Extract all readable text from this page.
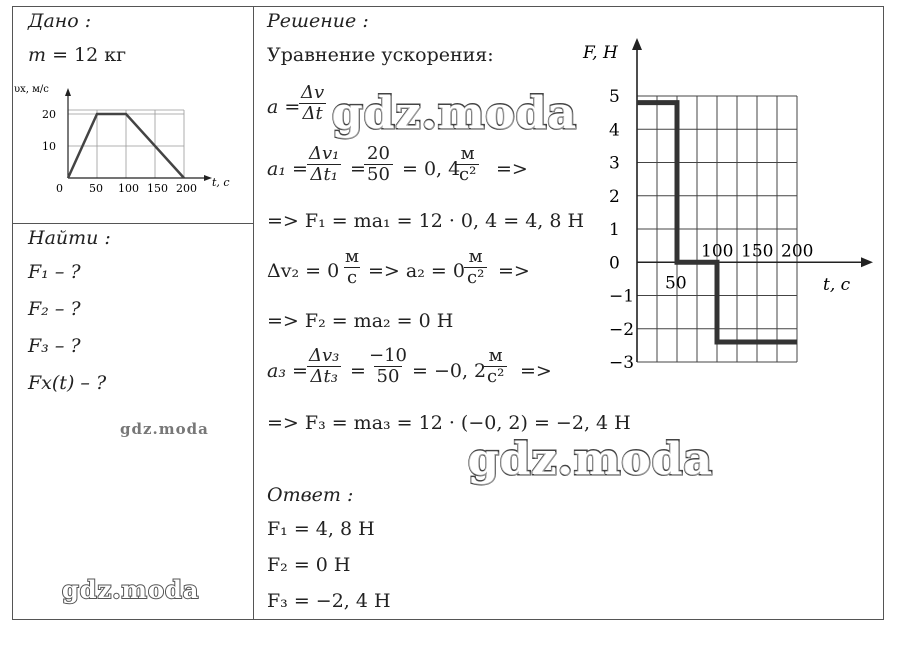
Дано :
m = 12 кг
υx, м/с
t, с
0 50 100 150 200
10
20
Найти :
F₁ – ?
F₂ – ?
F₃ – ?
Fx(t) – ?
gdz.moda
gdz.moda
Решение :
Уравнение ускорения:
a =
$\frac{\Delta v}{\Delta t}$
a₁ =
$\frac{\text{Δv₁}}{\text{Δt₁}}$ =
$\frac{20}{50} = 0$, 4
м
с² =>
=> F₁ = ma₁ = 12 · 0, 4 = 4, 8 Н
Δv₂ = 0
м
с => a₂ = 0
м
с² =>
=> F₂ = ma₂ = 0 Н
a₃ =
$\frac{\text{Δv₃}}{\text{Δt₃}} = \frac{-10}{50} = -0$, 2
м
с² =>
=> F₃ = ma₃ = 12 · (−0, 2) = −2, 4 Н
Ответ :
F₁ = 4, 8 Н
F₂ = 0 Н
F₃ = −2, 4 Н
gdz.moda
gdz.moda
F, Н
t, с
50
100 150 200
−3
−2
−1
0
1
2
3
4
5
